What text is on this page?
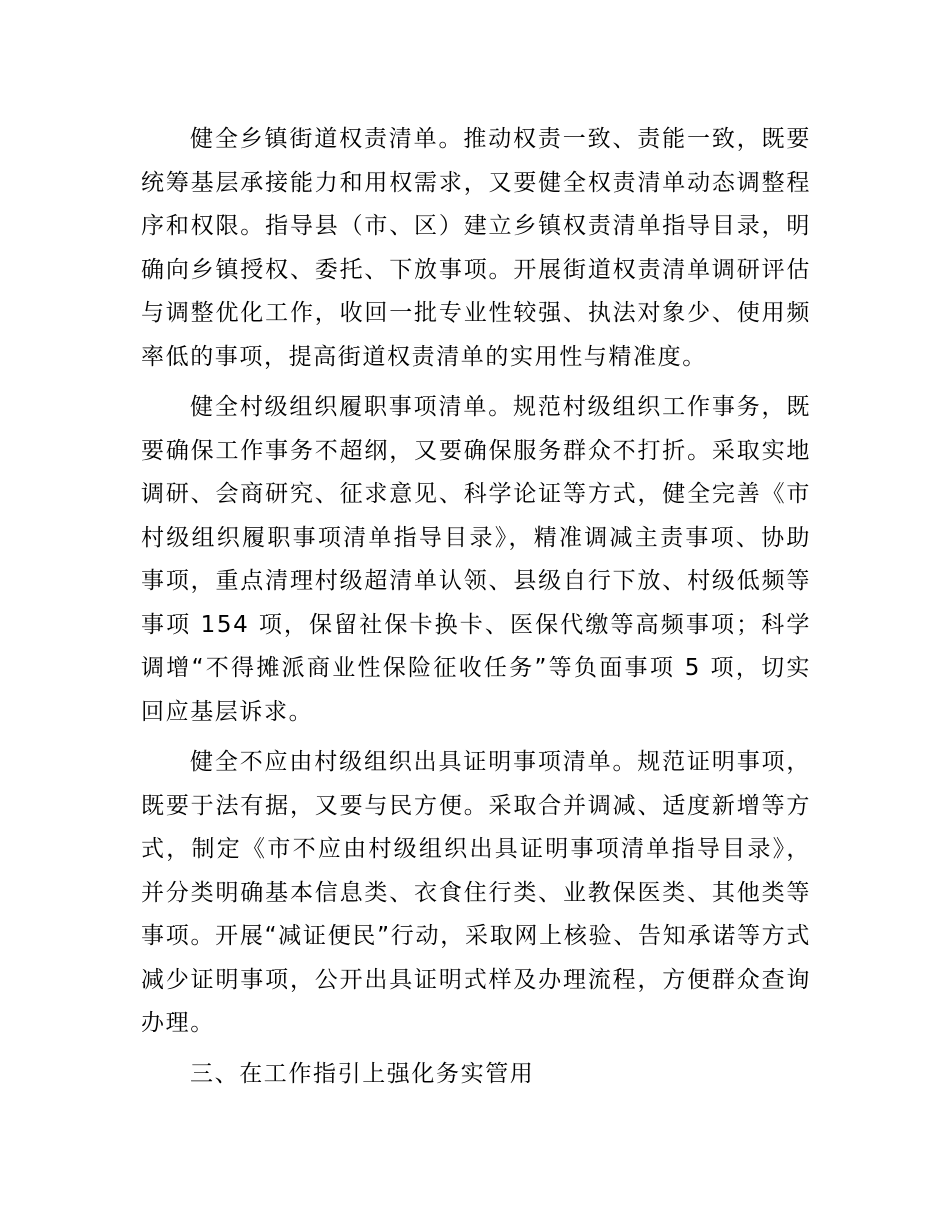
健全乡镇街道权责清单。推动权责一致、责能一致，既要统筹基层承接能力和用权需求，又要健全权责清单动态调整程序和权限。指导县（市、区）建立乡镇权责清单指导目录，明确向乡镇授权、委托、下放事项。开展街道权责清单调研评估与调整优化工作，收回一批专业性较强、执法对象少、使用频率低的事项，提高街道权责清单的实用性与精准度。

健全村级组织履职事项清单。规范村级组织工作事务，既要确保工作事务不超纲，又要确保服务群众不打折。采取实地调研、会商研究、征求意见、科学论证等方式，健全完善《市村级组织履职事项清单指导目录》，精准调减主责事项、协助事项，重点清理村级超清单认领、县级自行下放、村级低频等事项 154 项，保留社保卡换卡、医保代缴等高频事项；科学调增“不得摊派商业性保险征收任务”等负面事项 5 项，切实回应基层诉求。

健全不应由村级组织出具证明事项清单。规范证明事项，既要于法有据，又要与民方便。采取合并调减、适度新增等方式，制定《市不应由村级组织出具证明事项清单指导目录》，并分类明确基本信息类、衣食住行类、业教保医类、其他类等事项。开展“减证便民”行动，采取网上核验、告知承诺等方式减少证明事项，公开出具证明式样及办理流程，方便群众查询办理。

三、在工作指引上强化务实管用
